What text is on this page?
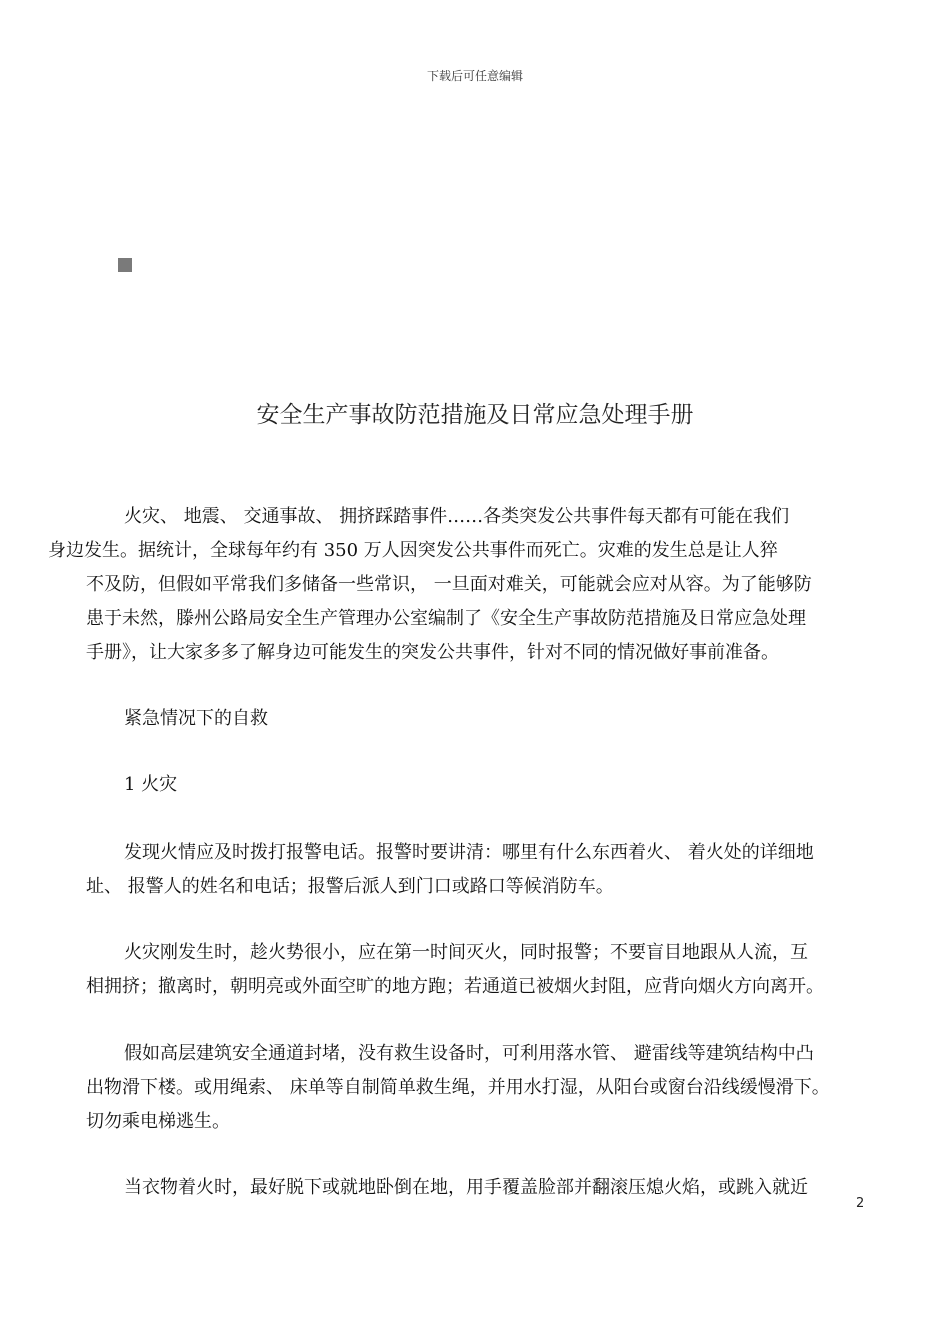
下载后可任意编辑
安全生产事故防范措施及日常应急处理手册
火灾、 地震、 交通事故、 拥挤踩踏事件……各类突发公共事件每天都有可能在我们
身边发生。据统计，全球每年约有 350 万人因突发公共事件而死亡。灾难的发生总是让人猝
不及防，但假如平常我们多储备一些常识， 一旦面对难关，可能就会应对从容。为了能够防
患于未然，滕州公路局安全生产管理办公室编制了《安全生产事故防范措施及日常应急处理
手册》，让大家多多了解身边可能发生的突发公共事件，针对不同的情况做好事前准备。
紧急情况下的自救
1 火灾
发现火情应及时拨打报警电话。报警时要讲清：哪里有什么东西着火、 着火处的详细地
址、 报警人的姓名和电话；报警后派人到门口或路口等候消防车。
火灾刚发生时，趁火势很小，应在第一时间灭火，同时报警；不要盲目地跟从人流，互
相拥挤；撤离时，朝明亮或外面空旷的地方跑；若通道已被烟火封阻，应背向烟火方向离开。
假如高层建筑安全通道封堵，没有救生设备时，可利用落水管、 避雷线等建筑结构中凸
出物滑下楼。或用绳索、 床单等自制简单救生绳，并用水打湿，从阳台或窗台沿线缓慢滑下。
切勿乘电梯逃生。
当衣物着火时，最好脱下或就地卧倒在地，用手覆盖脸部并翻滚压熄火焰，或跳入就近
2
